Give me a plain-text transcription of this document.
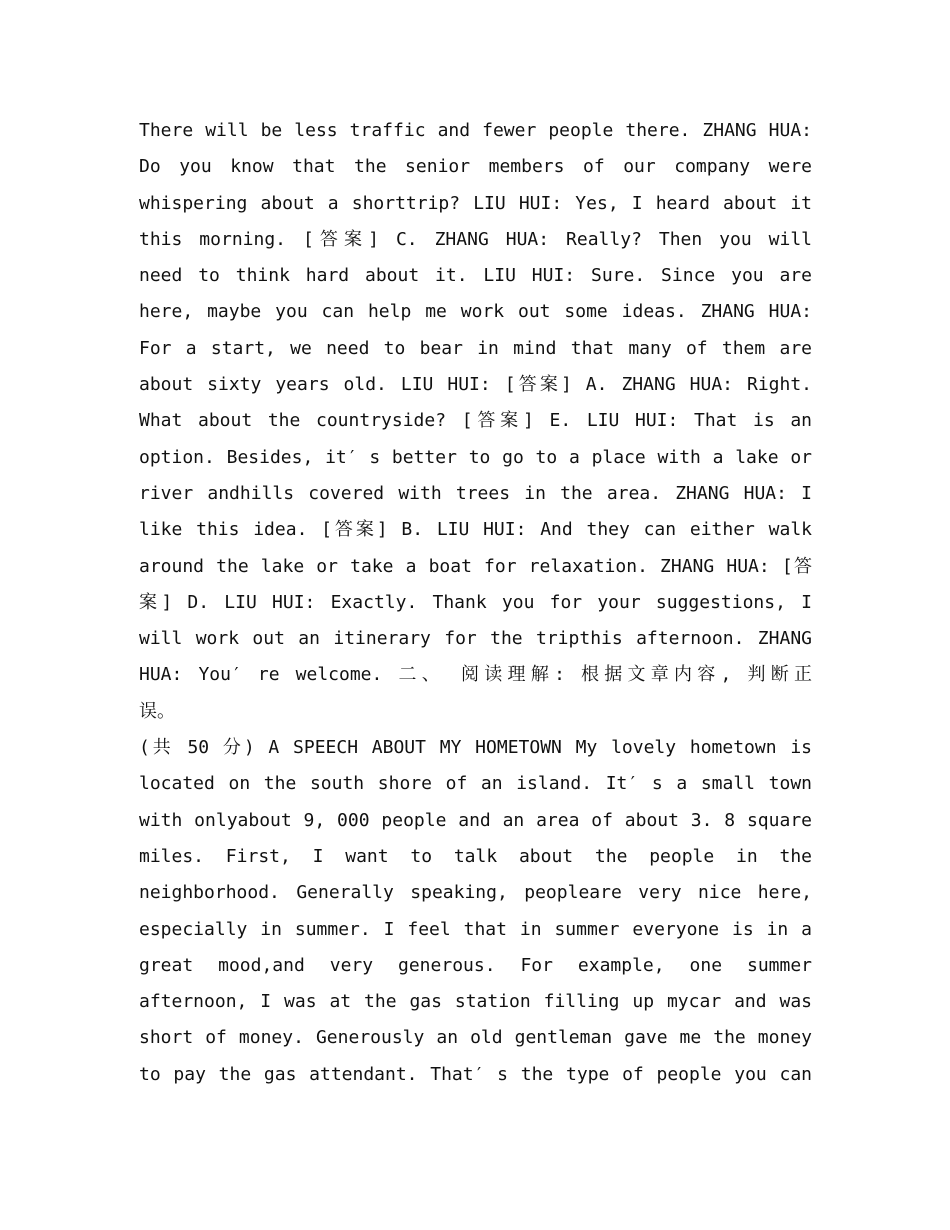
There will be less traffic and fewer people there. ZHANG HUA:
Do you know that the senior members of our company were
whispering about a shorttrip? LIU HUI: Yes, I heard about it
this morning. [答案] C. ZHANG HUA: Really? Then you will
need to think hard about it. LIU HUI: Sure. Since you are
here, maybe you can help me work out some ideas. ZHANG HUA:
For a start, we need to bear in mind that many of them are
about sixty years old. LIU HUI: [答案] A. ZHANG HUA: Right.
What about the countryside? [答案] E. LIU HUI: That is an
option. Besides, it′ s better to go to a place with a lake or
river andhills covered with trees in the area. ZHANG HUA: I
like this idea. [答案] B. LIU HUI: And they can either walk
around the lake or take a boat for relaxation. ZHANG HUA: [答
案] D. LIU HUI: Exactly. Thank you for your suggestions, I
will work out an itinerary for the tripthis afternoon. ZHANG
HUA: You′ re welcome. 二、 阅读理解: 根据文章内容, 判断正
误。
(共 50 分) A SPEECH ABOUT MY HOMETOWN My lovely hometown is
located on the south shore of an island. It′ s a small town
with onlyabout 9, 000 people and an area of about 3. 8 square
miles. First, I want to talk about the people in the
neighborhood. Generally speaking, peopleare very nice here,
especially in summer. I feel that in summer everyone is in a
great mood,and very generous. For example, one summer
afternoon, I was at the gas station filling up mycar and was
short of money. Generously an old gentleman gave me the money
to pay the gas attendant. That′ s the type of people you can
